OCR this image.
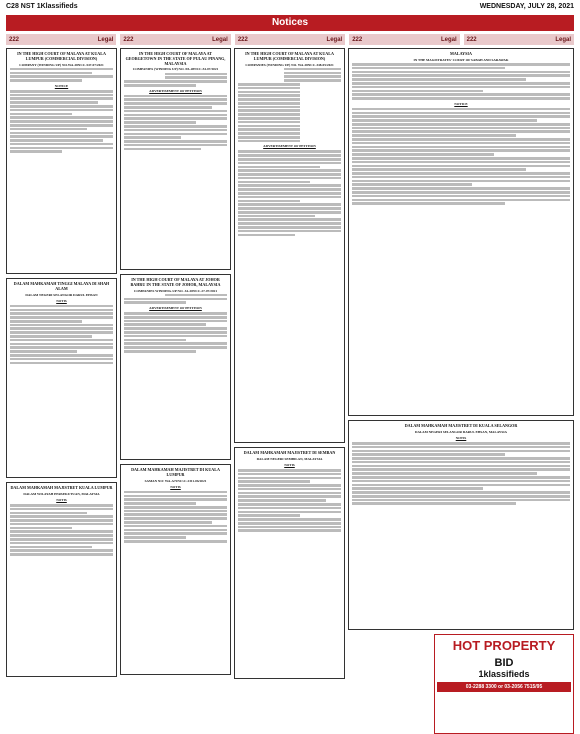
C28 NST 1Klassifieds	WEDNESDAY, JULY 28, 2021
Notices
222	Legal 222	Legal 222	Legal 222	Legal 222	Legal
IN THE HIGH COURT OF MALAYA AT KUALA LUMPUR (COMMERCIAL DIVISION)
COMPANY (WINDING UP) NO.WA-28NCC-547-07/2021
NOTICE
DALAM MAHKAMAH TINGGI MALAYA DI SHAH ALAM
DALAM NEGERI SELANGOR DARUL EHSAN
NOTIS
DALAM MAHKAMAH MAJISTRET KUALA LUMPUR
DALAM WILAYAH PERSEKUTUAN, MALAYSIA
NOTIS
IN THE HIGH COURT OF MALAYA AT GEORGETOWN IN THE STATE OF PULAU PINANG, MALAYSIA
COMPANIES (WINDING UP) NO. PA-28NCC-54-07/2021
ADVERTISEMENT OF PETITION
IN THE HIGH COURT OF MALAYA AT JOHOR BAHRU IN THE STATE OF JOHOR, MALAYSIA
COMPANIES WINDING-UP NO. JA-28NCC-27-07/2021
ADVERTISEMENT OF PETITION
DALAM MAHKAMAH MAJISTRET DI KUALA LUMPUR
SAMAN NO: WA-A72NCvC-2311-06/2021
NOTIS
IN THE HIGH COURT OF MALAYA AT KUALA LUMPUR (COMMERCIAL DIVISION)
COMPANIES (WINDING UP) NO. WA-28NCC-348-05/2021
ADVERTISEMENT OF PETITION
DALAM MAHKAMAH MAJISTRET DI SEMBAN
DALAM NEGERI SEMBILAN, MALAYSIA
NOTIS
MALAYSIA
IN THE MAGISTRATES' COURT OF SABAH AND SARAWAK
NOTICE
DALAM MAHKAMAH MAJISTRET DI KUALA SELANGOR
DALAM NEGERI SELANGOR DARUL EHSAN, MALAYSIA
NOTIS
HOT PROPERTY
BID
1klassifieds
03-2288 3300 or 03-2056 7515/95
